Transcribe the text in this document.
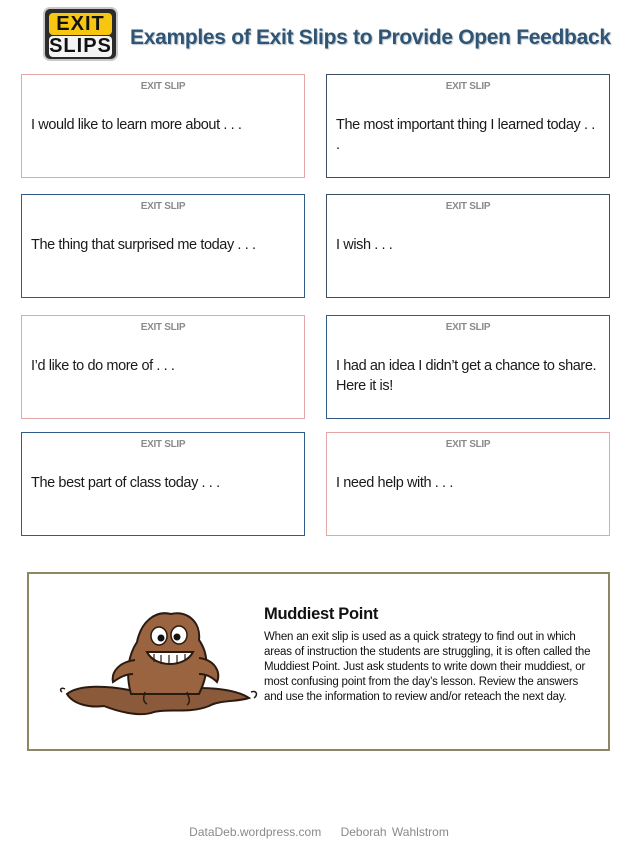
EXIT
SLIPS Examples of Exit Slips to Provide Open Feedback
EXIT SLIP
I would like to learn more about . . .
EXIT SLIP
The most important thing I learned today . . .
EXIT SLIP
The thing that surprised me today . . .
EXIT SLIP
I wish . . .
EXIT SLIP
I’d like to do more of . . .
EXIT SLIP
I had an idea I didn’t get a chance to share. Here it is!
EXIT SLIP
The best part of class today . . .
EXIT SLIP
I need help with . . .
Muddiest Point
When an exit slip is used as a quick strategy to find out in which areas of instruction the students are struggling, it is often called the Muddiest Point. Just ask students to write down their muddiest, or most confusing point from the day’s lesson. Review the answers and use the information to review and/or reteach the next day.
DataDeb.wordpress.com Deborah Wahlstrom
